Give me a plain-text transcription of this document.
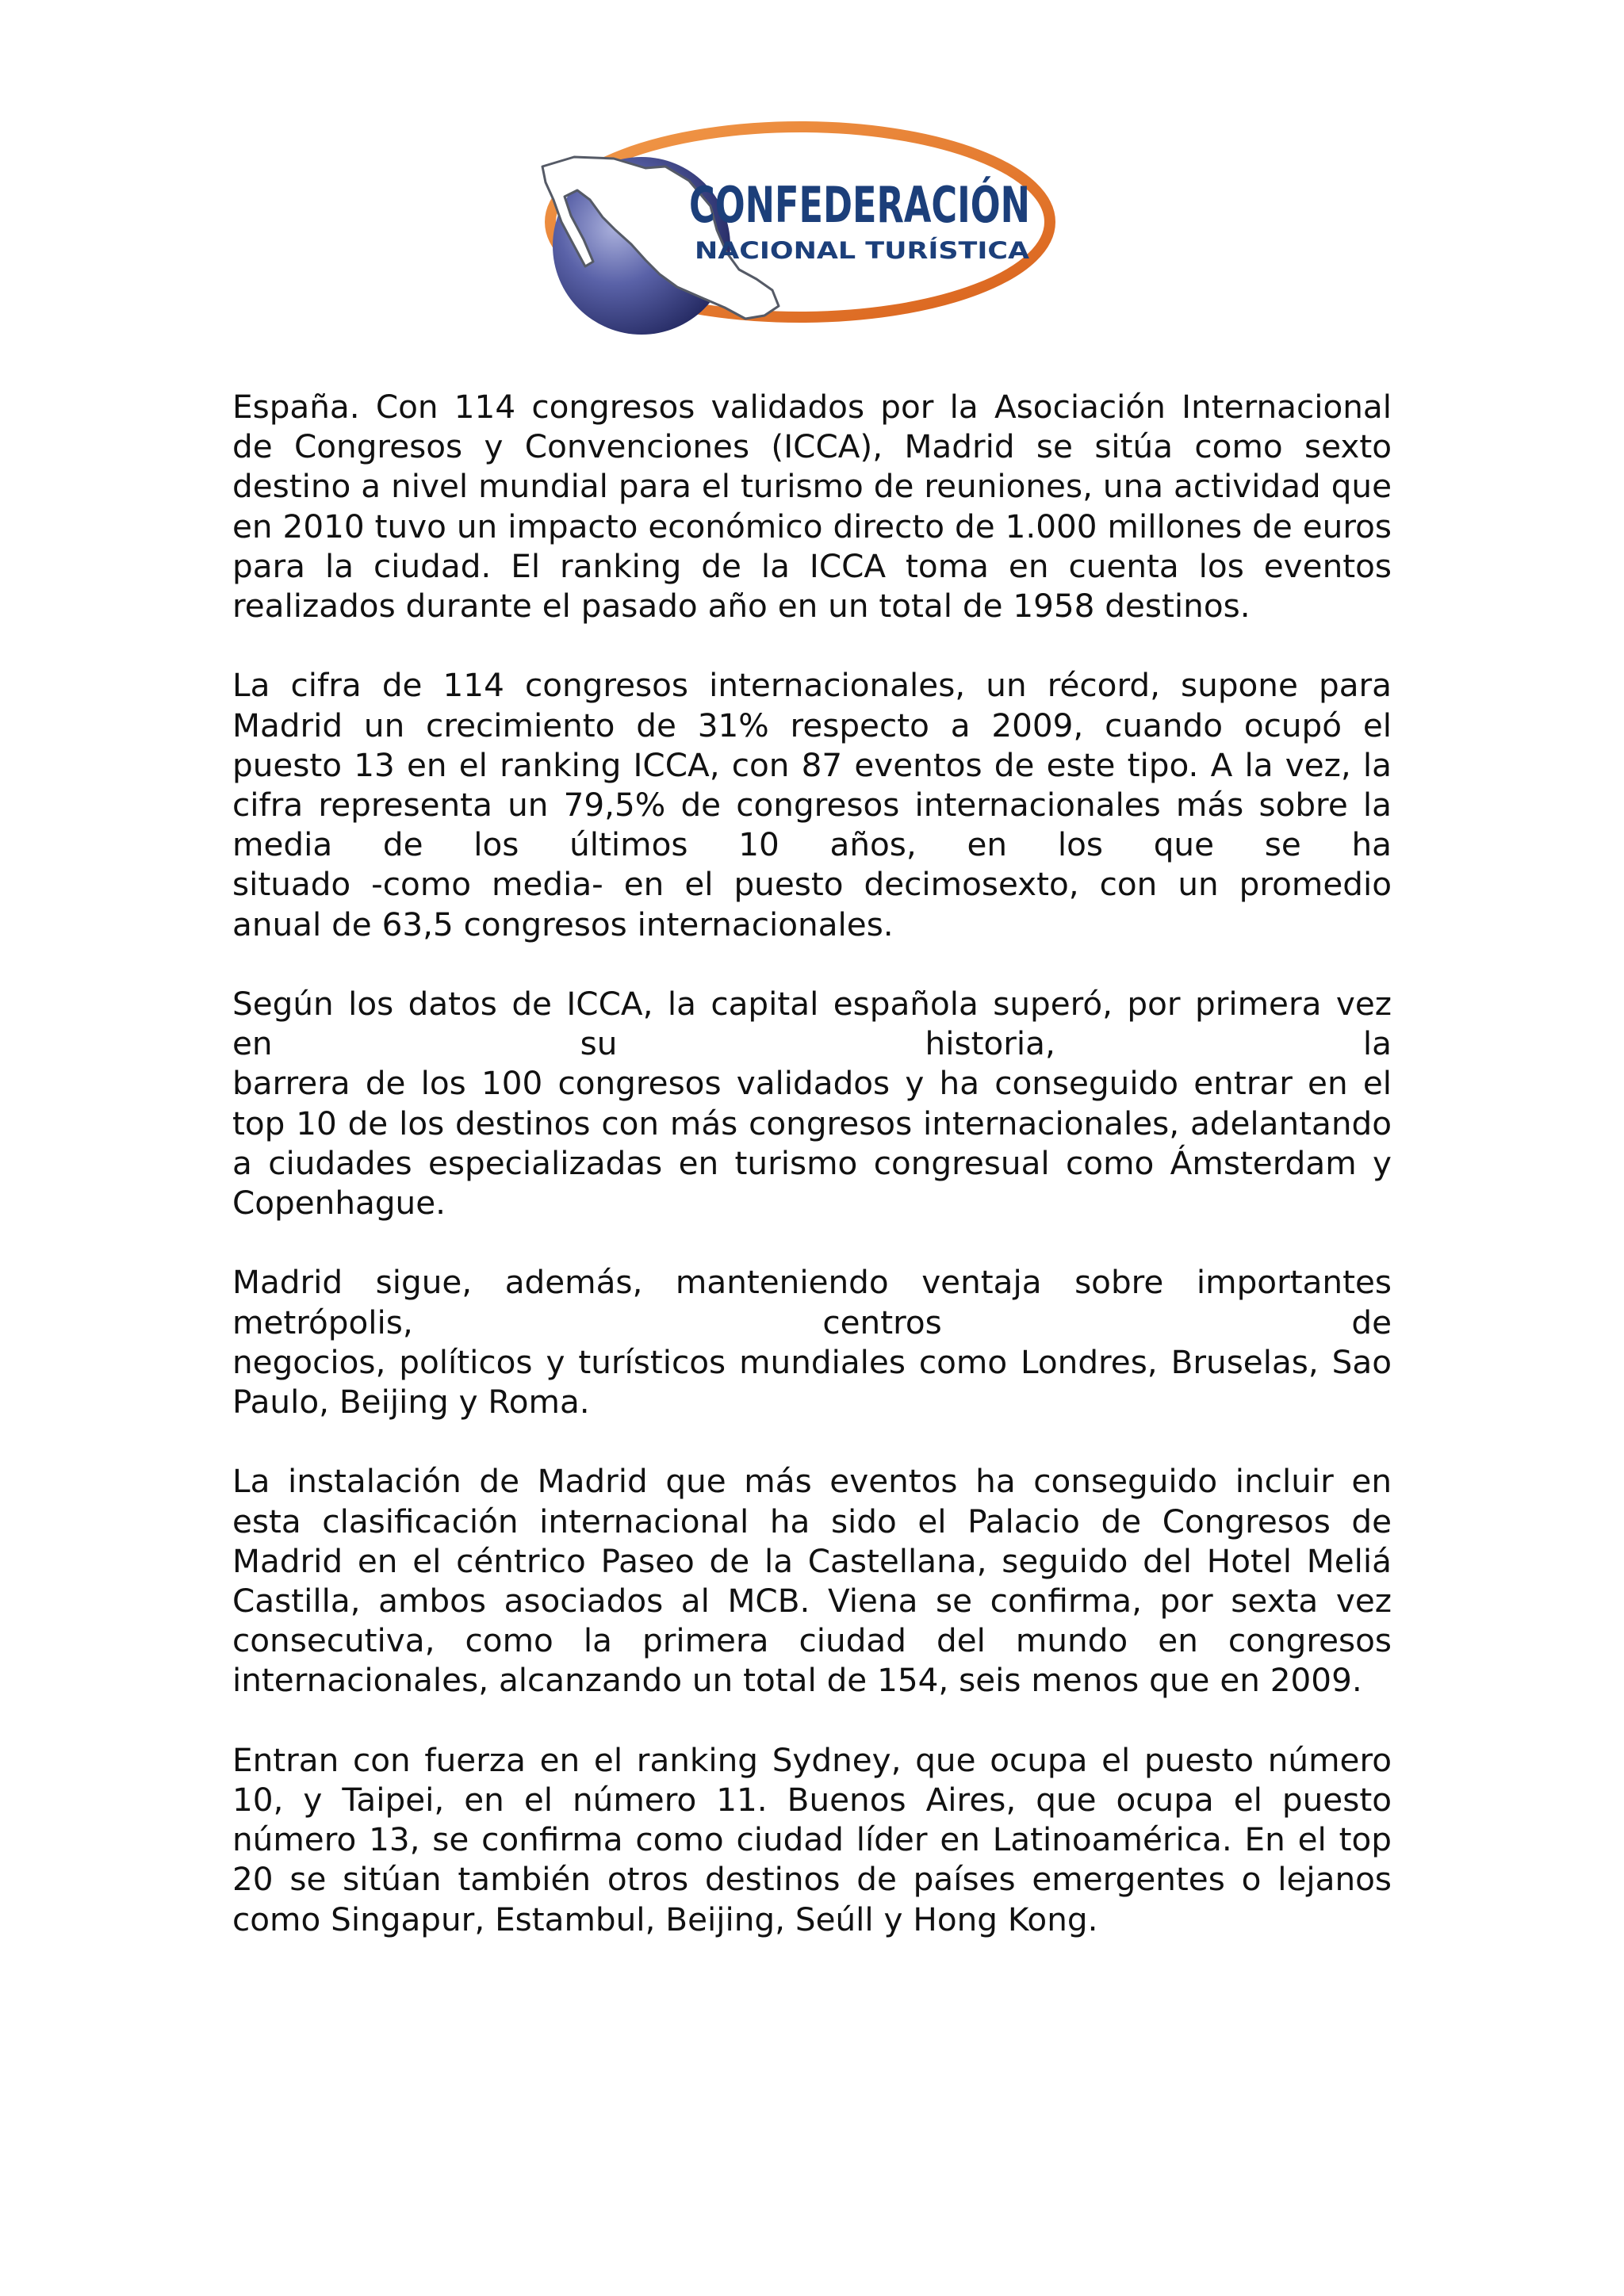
CONFEDERACIÓN
NACIONAL TURÍSTICA

España. Con 114 congresos validados por la Asociación Internacional de Congresos y Convenciones (ICCA), Madrid se sitúa como sexto destino a nivel mundial para el turismo de reuniones, una actividad que en 2010 tuvo un impacto económico directo de 1.000 millones de euros para la ciudad. El ranking de la ICCA toma en cuenta los eventos realizados durante el pasado año en un total de 1958 destinos.

La cifra de 114 congresos internacionales, un récord, supone para Madrid un crecimiento de 31% respecto a 2009, cuando ocupó el puesto 13 en el ranking ICCA, con 87 eventos de este tipo. A la vez, la cifra representa un 79,5% de congresos internacionales más sobre la media de los últimos 10 años, en los que se ha
situado -como media- en el puesto decimosexto, con un promedio anual de 63,5 congresos internacionales.

Según los datos de ICCA, la capital española superó, por primera vez en su historia, la
barrera de los 100 congresos validados y ha conseguido entrar en el top 10 de los destinos con más congresos internacionales, adelantando a ciudades especializadas en turismo congresual como Ámsterdam y Copenhague.

Madrid sigue, además, manteniendo ventaja sobre importantes metrópolis, centros de
negocios, políticos y turísticos mundiales como Londres, Bruselas, Sao Paulo, Beijing y Roma.

La instalación de Madrid que más eventos ha conseguido incluir en esta clasificación internacional ha sido el Palacio de Congresos de Madrid en el céntrico Paseo de la Castellana, seguido del Hotel Meliá Castilla, ambos asociados al MCB. Viena se confirma, por sexta vez consecutiva, como la primera ciudad del mundo en congresos internacionales, alcanzando un total de 154, seis menos que en 2009.

Entran con fuerza en el ranking Sydney, que ocupa el puesto número 10, y Taipei, en el número 11. Buenos Aires, que ocupa el puesto número 13, se confirma como ciudad líder en Latinoamérica. En el top 20 se sitúan también otros destinos de países emergentes o lejanos como Singapur, Estambul, Beijing, Seúll y Hong Kong.
